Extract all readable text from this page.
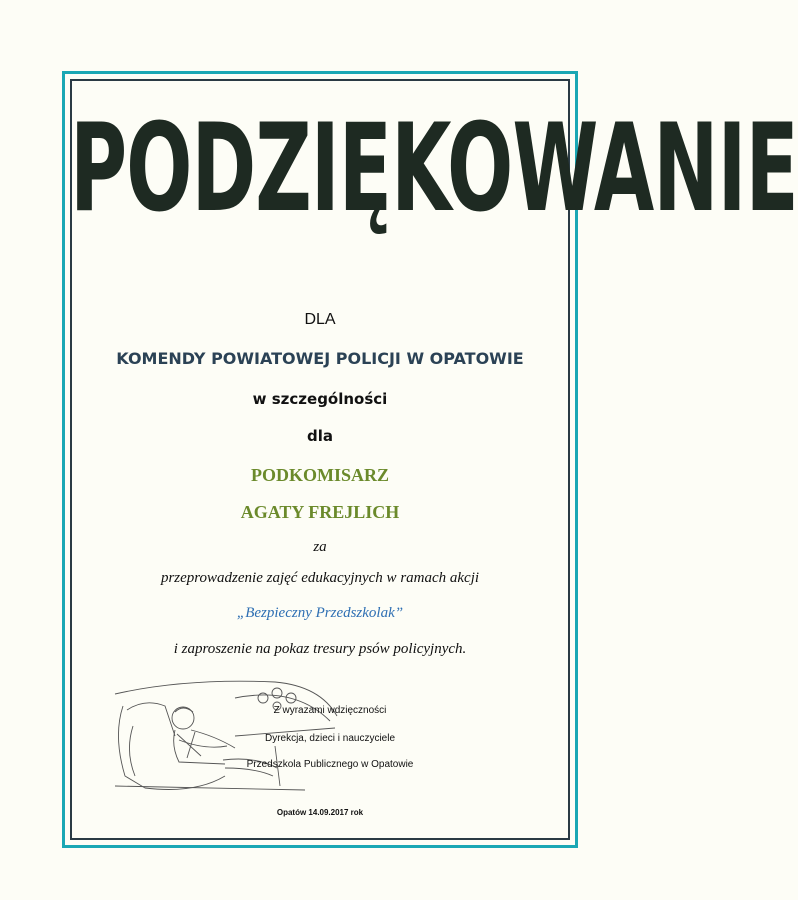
PODZIĘKOWANIE
DLA
KOMENDY POWIATOWEJ POLICJI W OPATOWIE
w szczególności
dla
PODKOMISARZ
AGATY FREJLICH
za
przeprowadzenie zajęć edukacyjnych w ramach akcji
„Bezpieczny Przedszkolak”
i zaproszenie na pokaz tresury psów policyjnych.
Z wyrazami wdzięczności
Dyrekcja, dzieci i nauczyciele
Przedszkola Publicznego w Opatowie
Opatów 14.09.2017 rok
